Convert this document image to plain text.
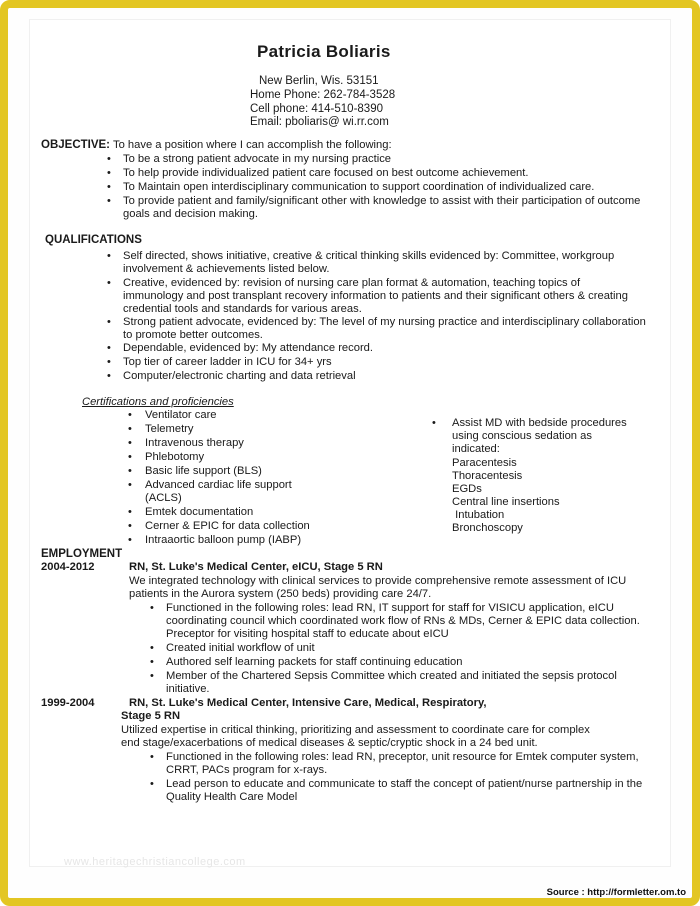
Patricia Boliaris
New Berlin, Wis. 53151
Home Phone: 262-784-3528
Cell phone: 414-510-8390
Email: pboliaris@ wi.rr.com
OBJECTIVE: To have a position where I can accomplish the following:
• To be a strong patient advocate in my nursing practice
• To help provide individualized patient care focused on best outcome achievement.
• To Maintain open interdisciplinary communication to support coordination of individualized care.
• To provide patient and family/significant other with knowledge to assist with their participation of outcome
goals and decision making.
QUALIFICATIONS
• Self directed, shows initiative, creative & critical thinking skills evidenced by: Committee, workgroup
involvement & achievements listed below.
• Creative, evidenced by: revision of nursing care plan format & automation, teaching topics of
immunology and post transplant recovery information to patients and their significant others & creating
credential tools and standards for various areas.
• Strong patient advocate, evidenced by: The level of my nursing practice and interdisciplinary collaboration
to promote better outcomes.
• Dependable, evidenced by: My attendance record.
• Top tier of career ladder in ICU for 34+ yrs
• Computer/electronic charting and data retrieval
Certifications and proficiencies
• Ventilator care
• Telemetry
• Intravenous therapy
• Phlebotomy
• Basic life support (BLS)
• Advanced cardiac life support
(ACLS)
• Emtek documentation
• Cerner & EPIC for data collection
• Intraaortic balloon pump (IABP)
• Assist MD with bedside procedures
using conscious sedation as
indicated:
Paracentesis
Thoracentesis
EGDs
Central line insertions
Intubation
Bronchoscopy
EMPLOYMENT
2004-2012	RN, St. Luke's Medical Center, eICU, Stage 5 RN
We integrated technology with clinical services to provide comprehensive remote assessment of ICU
patients in the Aurora system (250 beds) providing care 24/7.
• Functioned in the following roles: lead RN, IT support for staff for VISICU application, eICU
coordinating council which coordinated work flow of RNs & MDs, Cerner & EPIC data collection.
Preceptor for visiting hospital staff to educate about eICU
• Created initial workflow of unit
• Authored self learning packets for staff continuing education
• Member of the Chartered Sepsis Committee which created and initiated the sepsis protocol
initiative.
1999-2004	RN, St. Luke's Medical Center, Intensive Care, Medical, Respiratory,
Stage 5 RN
Utilized expertise in critical thinking, prioritizing and assessment to coordinate care for complex
end stage/exacerbations of medical diseases & septic/cryptic shock in a 24 bed unit.
• Functioned in the following roles: lead RN, preceptor, unit resource for Emtek computer system,
CRRT, PACs program for x-rays.
• Lead person to educate and communicate to staff the concept of patient/nurse partnership in the
Quality Health Care Model
www.heritagechristiancollege.com
Source : http://formletter.om.to
